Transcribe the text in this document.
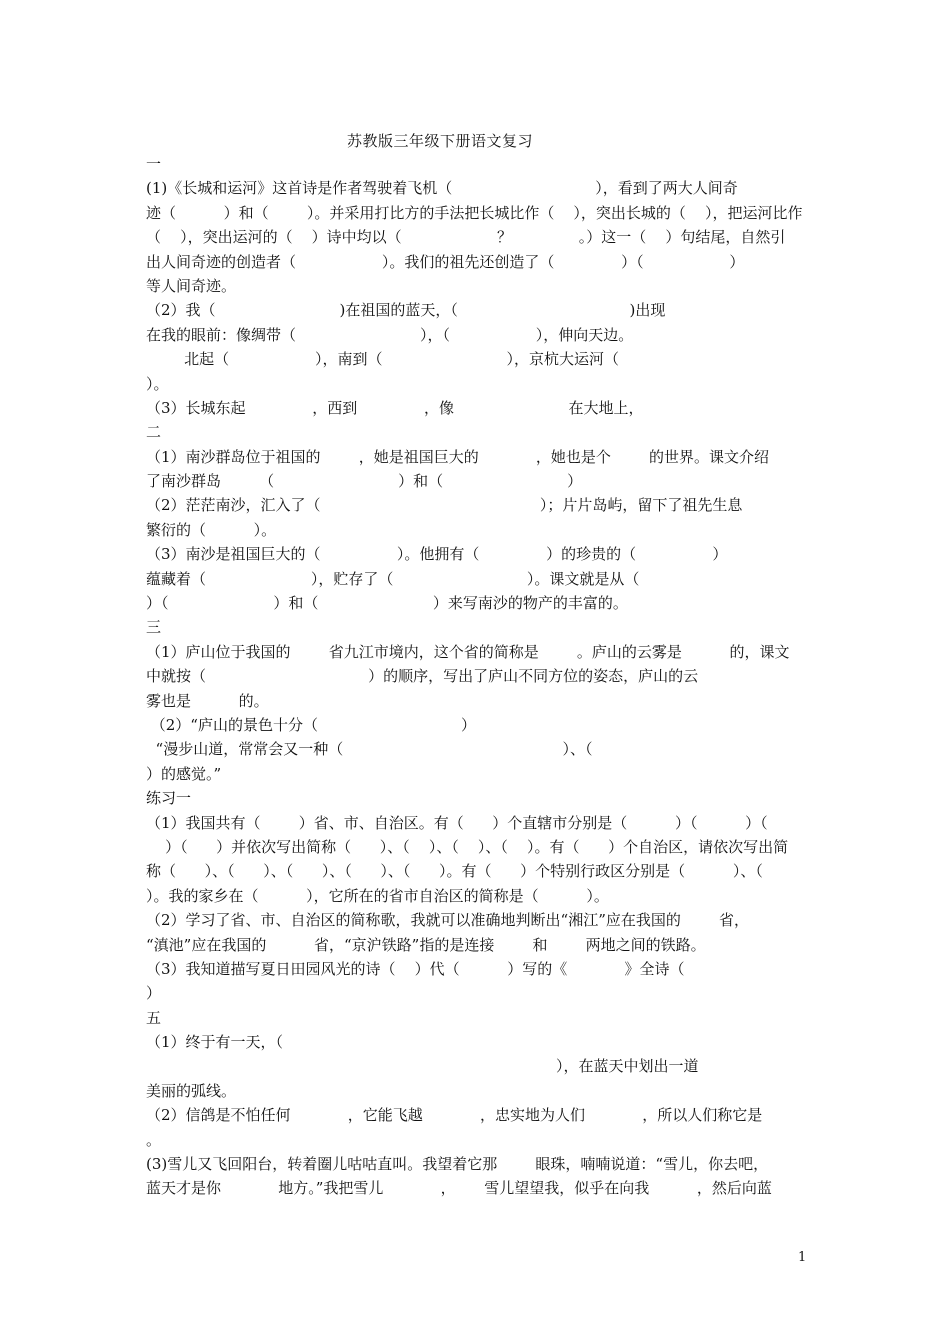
苏教版三年级下册语文复习
一
(1)《长城和运河》这首诗是作者驾驶着飞机（                              ），看到了两大人间奇
迹（          ）和（        ）。并采用打比方的手法把长城比作（    ），突出长城的（    ），把运河比作
（    ），突出运河的（    ）诗中均以（                    ？              。）这一（    ）句结尾，自然引
出人间奇迹的创造者（                  ）。我们的祖先还创造了（              ）（                  ）
等人间奇迹。
（2）我（                          )在祖国的蓝天，（                                    )出现
在我的眼前：像绸带（                          ），（                  ），伸向天边。
北起（                  ），南到（                          ），京杭大运河（
）。
（3）长城东起              ，西到              ，像                        在大地上，
二
（1）南沙群岛位于祖国的        ，她是祖国巨大的            ，她也是个        的世界。课文介绍
了南沙群岛        （                          ）和（                          ）
（2）茫茫南沙，汇入了（                                              ）；片片岛屿，留下了祖先生息
繁衍的（          ）。
（3）南沙是祖国巨大的（                ）。他拥有（              ）的珍贵的（                ）
蕴藏着（                      ），贮存了（                            ）。课文就是从（
）（                      ）和（                        ）来写南沙的物产的丰富的。
三
（1）庐山位于我国的        省九江市境内，这个省的简称是        。庐山的云雾是          的，课文
中就按（                                  ）的顺序，写出了庐山不同方位的姿态，庐山的云
雾也是          的。
（2）“庐山的景色十分（                              ）
“漫步山道，常常会又一种（                                              ）、（
）的感觉。”
练习一
（1）我国共有（        ）省、市、自治区。有（      ）个直辖市分别是（          ）（          ）（
）（      ）并依次写出简称（      ）、（    ）、（    ）、（    ）。有（      ）个自治区，请依次写出简
称（      ）、（      ）、（      ）、（      ）、（      ）。有（      ）个特别行政区分别是（          ）、（
）。我的家乡在（          ），它所在的省市自治区的简称是（          ）。
（2）学习了省、市、自治区的简称歌，我就可以准确地判断出“湘江”应在我国的        省，
“滇池”应在我国的          省，“京沪铁路”指的是连接        和        两地之间的铁路。
（3）我知道描写夏日田园风光的诗（    ）代（          ）写的《            》全诗（
）
五
（1）终于有一天，（
），在蓝天中划出一道
美丽的弧线。
（2）信鸽是不怕任何            ，它能飞越            ，忠实地为人们            ，所以人们称它是
。
(3)雪儿又飞回阳台，转着圈儿咕咕直叫。我望着它那        眼珠，喃喃说道：“雪儿，你去吧，
蓝天才是你            地方。”我把雪儿            ，      雪儿望望我，似乎在向我          ，然后向蓝
1
